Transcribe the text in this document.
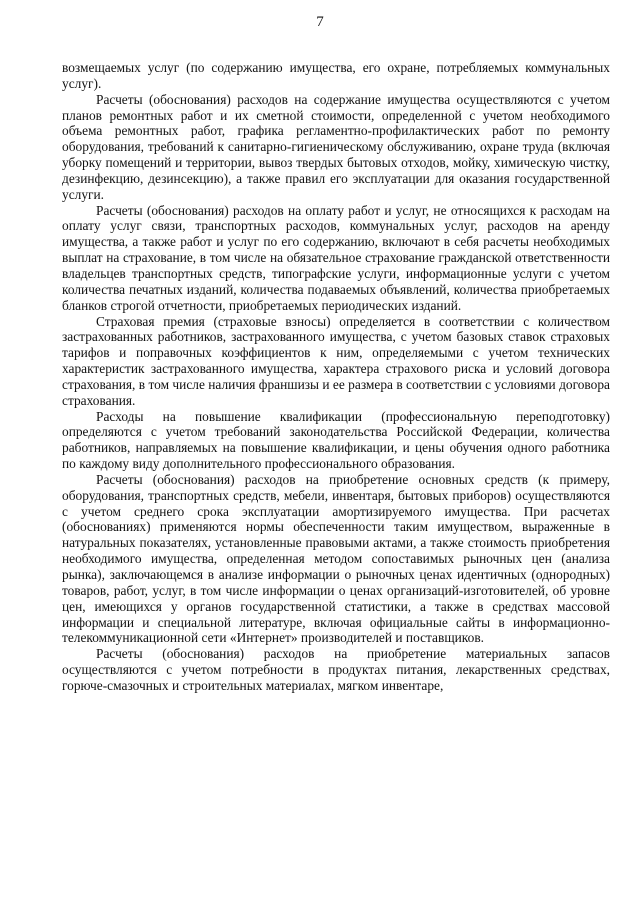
7

возмещаемых услуг (по содержанию имущества, его охране, потребляемых коммунальных услуг).

Расчеты (обоснования) расходов на содержание имущества осуществляются с учетом планов ремонтных работ и их сметной стоимости, определенной с учетом необходимого объема ремонтных работ, графика регламентно-профилактических работ по ремонту оборудования, требований к санитарно-гигиеническому обслуживанию, охране труда (включая уборку помещений и территории, вывоз твердых бытовых отходов, мойку, химическую чистку, дезинфекцию, дезинсекцию), а также правил его эксплуатации для оказания государственной услуги.

Расчеты (обоснования) расходов на оплату работ и услуг, не относящихся к расходам на оплату услуг связи, транспортных расходов, коммунальных услуг, расходов на аренду имущества, а также работ и услуг по его содержанию, включают в себя расчеты необходимых выплат на страхование, в том числе на обязательное страхование гражданской ответственности владельцев транспортных средств, типографские услуги, информационные услуги с учетом количества печатных изданий, количества подаваемых объявлений, количества приобретаемых бланков строгой отчетности, приобретаемых периодических изданий.

Страховая премия (страховые взносы) определяется в соответствии с количеством застрахованных работников, застрахованного имущества, с учетом базовых ставок страховых тарифов и поправочных коэффициентов к ним, определяемыми с учетом технических характеристик застрахованного имущества, характера страхового риска и условий договора страхования, в том числе наличия франшизы и ее размера в соответствии с условиями договора страхования.

Расходы на повышение квалификации (профессиональную переподготовку) определяются с учетом требований законодательства Российской Федерации, количества работников, направляемых на повышение квалификации, и цены обучения одного работника по каждому виду дополнительного профессионального образования.

Расчеты (обоснования) расходов на приобретение основных средств (к примеру, оборудования, транспортных средств, мебели, инвентаря, бытовых приборов) осуществляются с учетом среднего срока эксплуатации амортизируемого имущества. При расчетах (обоснованиях) применяются нормы обеспеченности таким имуществом, выраженные в натуральных показателях, установленные правовыми актами, а также стоимость приобретения необходимого имущества, определенная методом сопоставимых рыночных цен (анализа рынка), заключающемся в анализе информации о рыночных ценах идентичных (однородных) товаров, работ, услуг, в том числе информации о ценах организаций-изготовителей, об уровне цен, имеющихся у органов государственной статистики, а также в средствах массовой информации и специальной литературе, включая официальные сайты в информационно-телекоммуникационной сети «Интернет» производителей и поставщиков.

Расчеты (обоснования) расходов на приобретение материальных запасов осуществляются с учетом потребности в продуктах питания, лекарственных средствах, горюче-смазочных и строительных материалах, мягком инвентаре,
